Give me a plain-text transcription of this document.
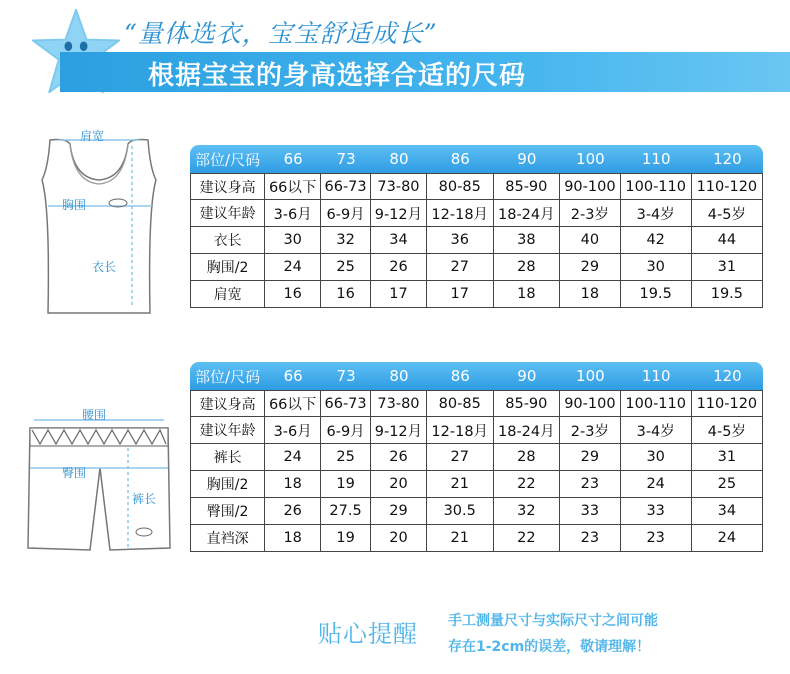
“量体选衣，宝宝舒适成长”
根据宝宝的身高选择合适的尺码
肩宽
胸围
衣长
部位/尺码	66	73	80	86	90	100	110	120
建议身高	66以下	66-73	73-80	80-85	85-90	90-100	100-110	110-120
建议年龄	3-6月	6-9月	9-12月	12-18月	18-24月	2-3岁	3-4岁	4-5岁
衣长	30	32	34	36	38	40	42	44
胸围/2	24	25	26	27	28	29	30	31
肩宽	16	16	17	17	18	18	19.5	19.5
腰围
臀围
裤长
部位/尺码	66	73	80	86	90	100	110	120
建议身高	66以下	66-73	73-80	80-85	85-90	90-100	100-110	110-120
建议年龄	3-6月	6-9月	9-12月	12-18月	18-24月	2-3岁	3-4岁	4-5岁
裤长	24	25	26	27	28	29	30	31
胸围/2	18	19	20	21	22	23	24	25
臀围/2	26	27.5	29	30.5	32	33	33	34
直裆深	18	19	20	21	22	23	23	24
贴心提醒 手工测量尺寸与实际尺寸之间可能
存在1-2cm的误差，敬请理解！
